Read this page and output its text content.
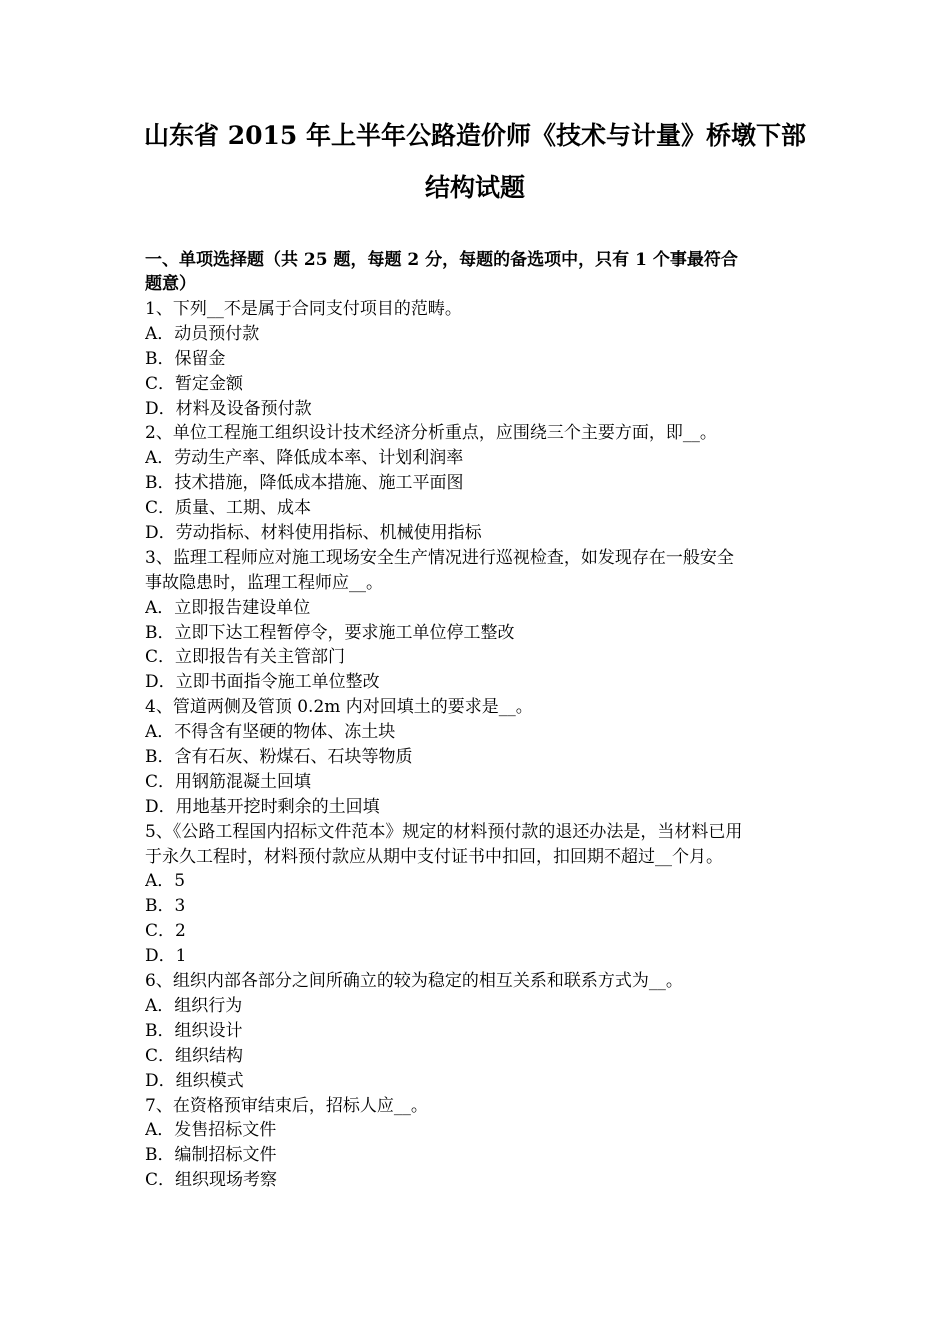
山东省 2015 年上半年公路造价师《技术与计量》桥墩下部
结构试题
一、单项选择题（共 25 题，每题 2 分，每题的备选项中，只有 1 个事最符合
题意）
1、下列__不是属于合同支付项目的范畴。
A．动员预付款
B．保留金
C．暂定金额
D．材料及设备预付款
2、单位工程施工组织设计技术经济分析重点，应围绕三个主要方面，即__。
A．劳动生产率、降低成本率、计划利润率
B．技术措施，降低成本措施、施工平面图
C．质量、工期、成本
D．劳动指标、材料使用指标、机械使用指标
3、监理工程师应对施工现场安全生产情况进行巡视检查，如发现存在一般安全
事故隐患时，监理工程师应__。
A．立即报告建设单位
B．立即下达工程暂停令，要求施工单位停工整改
C．立即报告有关主管部门
D．立即书面指令施工单位整改
4、管道两侧及管顶 0.2m 内对回填土的要求是__。
A．不得含有坚硬的物体、冻土块
B．含有石灰、粉煤石、石块等物质
C．用钢筋混凝土回填
D．用地基开挖时剩余的土回填
5、《公路工程国内招标文件范本》规定的材料预付款的退还办法是，当材料已用
于永久工程时，材料预付款应从期中支付证书中扣回，扣回期不超过__个月。
A．5
B．3
C．2
D．1
6、组织内部各部分之间所确立的较为稳定的相互关系和联系方式为__。
A．组织行为
B．组织设计
C．组织结构
D．组织模式
7、在资格预审结束后，招标人应__。
A．发售招标文件
B．编制招标文件
C．组织现场考察
